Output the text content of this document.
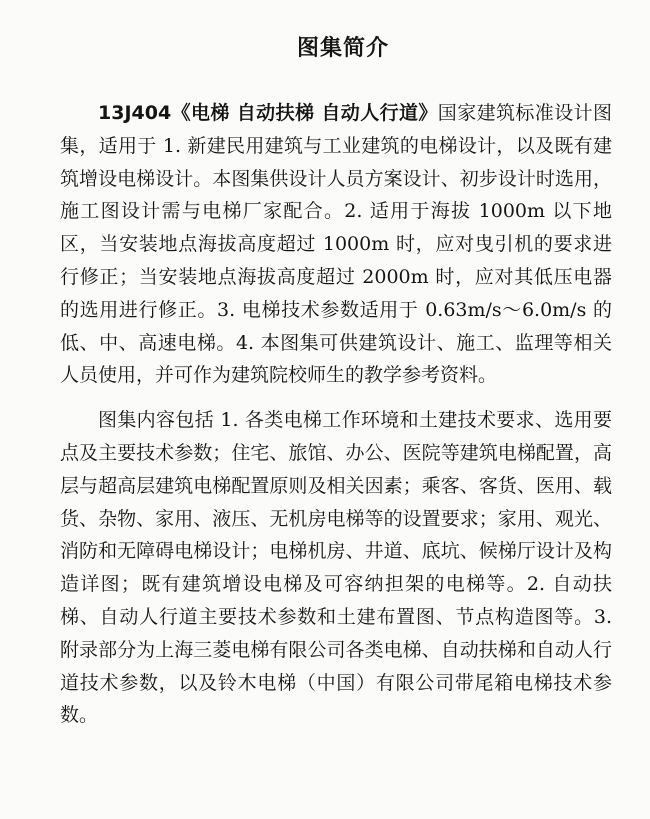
图集简介

13J404《电梯 自动扶梯 自动人行道》国家建筑标准设计图集，适用于 1. 新建民用建筑与工业建筑的电梯设计，以及既有建筑增设电梯设计。本图集供设计人员方案设计、初步设计时选用，施工图设计需与电梯厂家配合。2. 适用于海拔 1000m 以下地区，当安装地点海拔高度超过 1000m 时，应对曳引机的要求进行修正；当安装地点海拔高度超过 2000m 时，应对其低压电器的选用进行修正。3. 电梯技术参数适用于 0.63m/s～6.0m/s 的低、中、高速电梯。4. 本图集可供建筑设计、施工、监理等相关人员使用，并可作为建筑院校师生的教学参考资料。

图集内容包括 1. 各类电梯工作环境和土建技术要求、选用要点及主要技术参数；住宅、旅馆、办公、医院等建筑电梯配置，高层与超高层建筑电梯配置原则及相关因素；乘客、客货、医用、载货、杂物、家用、液压、无机房电梯等的设置要求；家用、观光、消防和无障碍电梯设计；电梯机房、井道、底坑、候梯厅设计及构造详图；既有建筑增设电梯及可容纳担架的电梯等。2. 自动扶梯、自动人行道主要技术参数和土建布置图、节点构造图等。3. 附录部分为上海三菱电梯有限公司各类电梯、自动扶梯和自动人行道技术参数，以及铃木电梯（中国）有限公司带尾箱电梯技术参数。
